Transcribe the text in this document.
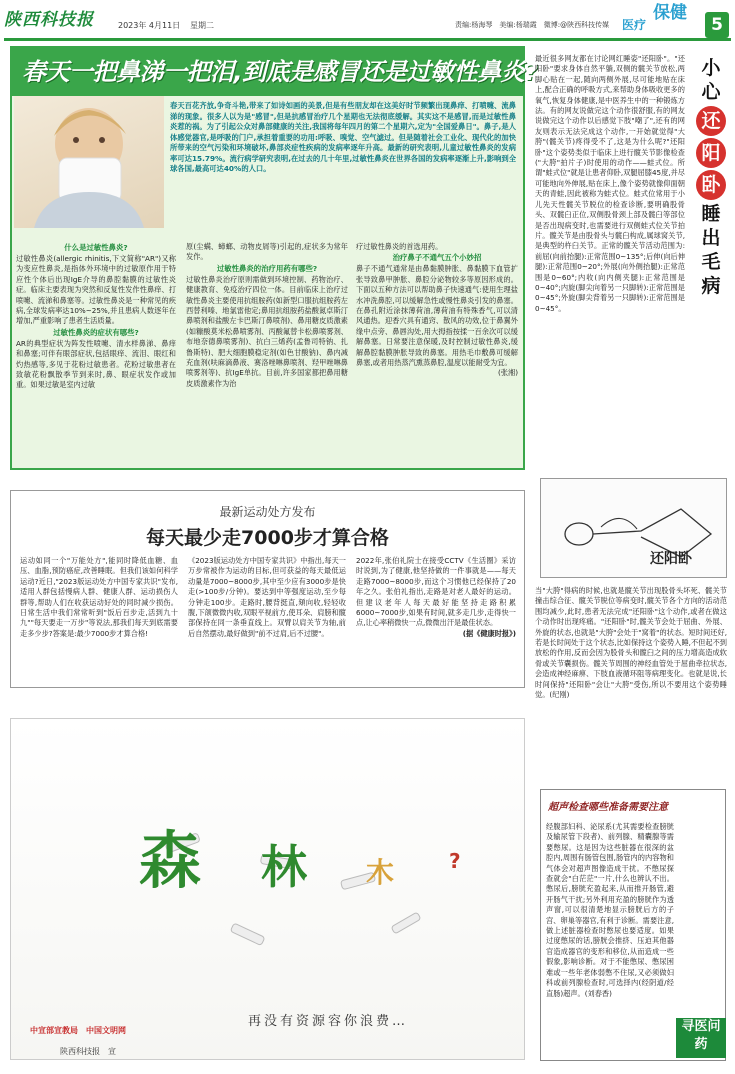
陕西科技报	2023年 4月11日 星期二	责编:杨海琴　美编:杨瑞霞　微博:@陕西科技传媒 医疗
保健
5
春天一把鼻涕一把泪,到底是感冒还是过敏性鼻炎?
春天百花齐放,争奇斗艳,带来了如诗如画的美景,但是有些朋友却在这美好时节频繁出现鼻痒、打喷嚏、流鼻涕的现象。很多人以为是"感冒",但是抗感冒治疗几个星期也无法彻底缓解。其实这不是感冒,而是过敏性鼻炎惹的祸。为了引起公众对鼻部健康的关注,我国将每年四月的第二个星期六,定为"全国爱鼻日"。鼻子,是人体感觉器官,是呼吸的门户,承担着重要的功用:呼吸、嗅觉、空气滤过。但是随着社会工业化、现代化的加快所带来的空气污染和环境破坏,鼻部炎症性疾病的发病率逐年升高。最新的研究表明,儿童过敏性鼻炎的发病率可达15.79%。流行病学研究表明,在过去的几十年里,过敏性鼻炎在世界各国的发病率逐渐上升,影响到全球各国,最高可达40%的人口。
什么是过敏性鼻炎?
过敏性鼻炎(allergic rhinitis,下文简称"AR")又称为变应性鼻炎,是指体外环境中的过敏原作用于特应性个体后出现IgE介导的鼻腔黏膜的过敏性炎症。临床主要表现为突然和反复性发作性鼻痒、打喷嚏、流涕和鼻塞等。过敏性鼻炎是一种常见的疾病,全球发病率达10%~25%,并且患病人数逐年在增加,严重影响了患者生活质量。
过敏性鼻炎的症状有哪些?
AR的典型症状为阵发性喷嚏、清水样鼻涕、鼻痒和鼻塞;可伴有眼部症状,包括眼痒、流泪、眼红和灼热感等,多见于花粉过敏患者。花粉过敏患者在致敏花粉飘散季节到来时,鼻、眼症状发作或加重。如果过敏是室内过敏
原(尘螨、蟑螂、动物皮屑等)引起的,症状多为常年发作。
过敏性鼻炎的治疗用药有哪些?
过敏性鼻炎治疗原则需做到环境控制、药物治疗、健康教育、免疫治疗四位一体。目前临床上治疗过敏性鼻炎主要使用抗组胺药(如新型口服抗组胺药左西替利嗪、地氯雷他定;鼻用抗组胺药盐酸氮卓斯汀鼻喷剂和盐酸左卡巴斯汀鼻喷剂)、鼻用糖皮质激素(如糠酸莫米松鼻喷雾剂、丙酸氟替卡松鼻喷雾剂、布地奈德鼻喷雾剂)、抗白三烯药(孟鲁司特钠、扎鲁斯特)、肥大细胞膜稳定剂(如色甘酸钠)、鼻内减充血剂(呋麻滴鼻液、赛洛唑啉鼻喷剂、羟甲唑啉鼻喷雾剂等)、抗IgE单抗。目前,许多国家都把鼻用糖皮质激素作为治
疗过敏性鼻炎的首选用药。
治疗鼻子不通气五个小妙招
鼻子不通气通常是由鼻黏膜肿胀、鼻黏膜下血管扩张导致鼻甲肿胀、鼻腔分泌物较多等原因形成的。下面以五种方法可以帮助鼻子快速通气:使用生理盐水冲洗鼻腔,可以缓解急性或慢性鼻炎引发的鼻塞。在鼻孔附近涂抹薄荷油,薄荷油有特殊香气,可以清风通热。迎香穴具有通窍、散风的功效,位于鼻翼外缘中点旁、鼻唇沟处,用大拇指按揉一百余次可以缓解鼻塞。日常要注意保暖,及时控制过敏性鼻炎,缓解鼻腔黏膜肿胀导致的鼻塞。用热毛巾敷鼻可缓解鼻塞,或者用热蒸汽熏蒸鼻腔,温度以能耐受为宜。
(张湘)
小
心
还
阳
卧
睡
出
毛
病
最近很多网友都在讨论网红睡姿"还阳卧"。"还阳卧"要求身体自然平躺,双侧的髋关节放松,两脚心贴在一起,随向两侧外展,尽可能地贴在床上,配合正确的呼吸方式,来帮助身体吸收更多的氧气,恢复身体健康,是中医养生中的一种锻炼方法。有的网友说做完这个动作很舒服,有的网友说做完这个动作以后感觉下肢"嘲了",还有的网友则表示无法完成这个动作,一开始就觉得"大胯"(髋关节)疼得受不了,这是为什么呢?"还阳卧"这个姿势类似于临床上进行髋关节影像检查("大胯"拍片子)时使用的动作——蛙式位。所谓"蛙式位"就是让患者仰卧,双腿屈膝45度,并尽可能地向外伸展,贴在床上,像个姿势就像仰面朝天的青蛙,因此被称为蛙式位。蛙式位常用于小儿先天性髋关节脱位的检查诊断,要明确股骨头、双髋臼正位,双侧股骨颈上部及髋臼等部位是否出现病变时,也需要进行双侧蛙式位关节拍片。髋关节是由股骨头与髋臼构成,属球窝关节,是典型的杵臼关节。正常的髋关节活动范围为:前屈(向前抬腿):正常范围0~135°;后伸(向后伸腿):正常范围0~20°;外展(向外侧抬腿):正常范围是0~60°;内收(向内侧夹腿):正常范围是0~40°;内旋(脚尖向着另一只脚转):正常范围是0~45°;外旋(脚尖背着另一只脚转):正常范围是0~45°。
还阳卧
当"大胯"得病的时候,也就是髋关节出现股骨头坏死、髋关节撞击综合征、髋关节脱位等病变时,髋关节各个方向的活动范围均减少,此时,患者无法完成"还阳卧"这个动作,或者在做这个动作时出现疼痛。"还阳卧"时,髋关节会处于屈曲、外展、外旋的状态,也就是"大胯"会处于"窝着"的状态。短时间还好,若是长时间处于这个状态,比如保持这个姿势入睡,不但起不到放松的作用,反而会因为股骨头和髋臼之间的压力增高造成软骨或关节囊损伤。髋关节周围的神经血管处于屈曲牵拉状态,会造成神经麻痹、下肢血液循环阻等病理变化。也就是说,长时间保持"还阳卧"会让"大胯"受伤,所以不要用这个姿势睡觉。(纪刚)
最新运动处方发布
每天最少走7000步才算合格
运动如同一个"万能处方",能同时降低血糖、血压、血脂,预防癌症,改善睡眠。但我们该如何科学运动?近日,"2023版运动处方中国专家共识"发布,适用人群包括慢病人群、健康人群、运动损伤人群等,帮助人们在收获运动好处的同时减少损伤。日常生活中我们常常听到"饭后百步走,活到九十九""每天要走一万步"等说法,那我们每天到底需要走多少步?答案是:最少7000步才算合格!
《2023版运动处方中国专家共识》中指出,每天一万步常被作为运动的目标,但可获益的每天最低运动量是7000~8000步,其中至少应有3000步是快走(>100步/分钟)。要达到中等强度运动,至少每分钟走100步。走路时,腰背挺直,頦向收,轻轻收腹,下颌微微内收,双眼平视前方,使耳朵、肩膀和髋部保持在同一条垂直线上。双臂以肩关节为轴,前后自然摆动,最好做到"前不过肩,后不过腰"。
2022年,张伯礼院士在接受CCTV《生活圈》采访时说到,为了健康,他坚持做的一件事就是——每天走路7000~8000步,而这个习惯他已经保持了20年之久。张伯礼指出,走路是对老人最好的运动。但建议老年人每天最好能坚持走路积累6000~7000步,如果有时间,就多走几步,走得快一点,让心率稍微快一点,微微出汗是最佳状态。
(据《健康时报》)
森 林 木	?
再没有资源容你浪费…
中宣部宣教局　中国文明网
陕西科技报　宣
超声检查哪些准备需要注意
经腹部妇科、泌尿系(尤其需要检查膀胱及输尿管下段者)、前列腺、精囊腺等需要憋尿。这是因为这些脏器在很深的盆腔内,周围有肠管包围,肠管内的内容物和气体会对超声图像造成干扰。不憋尿探查就会"白茫茫"一片,什么也辨认不出。憋尿后,膀胱充盈起来,从而推开肠管,避开肠气干扰;另外利用充盈的膀胱作为透声窗,可以很清楚地显示膀胱后方的子宫、卵巢等器官,有利于诊断。需要注意,做上述脏器检查时憋尿也要适度。如果过度憋尿的话,膀胱会推挤、压迫其他器官造成器官的变形和移位,从而造成一些假象,影响诊断。对于不能憋尿、憋尿困难或一些年老体弱憋不住尿,又必须做妇科或前列腺检查时,可选择内(经阴道/经直肠)超声。(刘春香)
寻医问药
